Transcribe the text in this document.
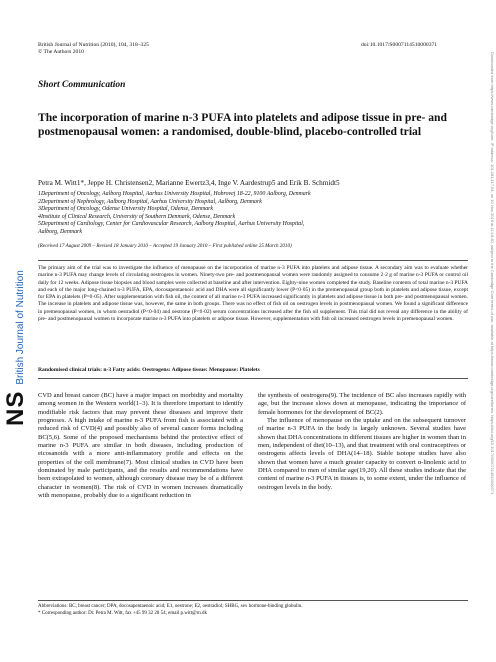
British Journal of Nutrition (2010), 104, 318–325
© The Authors 2010
doi:10.1017/S0007114510000371
NSBritish Journal of Nutrition	Downloaded from https://www.cambridge.org/core. IP address: 101.181.117.54, on 10 Nov 2019 at 11:16:40, subject to the Cambridge Core terms of use, available at https://www.cambridge.org/core/terms. https://doi.org/10.1017/S0007114510000371
Short Communication
The incorporation of marine n-3 PUFA into platelets and adipose tissue in pre- and postmenopausal women: a randomised, double-blind, placebo-controlled trial
Petra M. Witt1*, Jeppe H. Christensen2, Marianne Ewertz3,4, Inge V. Aardestrup5 and Erik B. Schmidt5
1Department of Oncology, Aalborg Hospital, Aarhus University Hospital, Hobrovej 18-22, 9100 Aalborg, Denmark
2Department of Nephrology, Aalborg Hospital, Aarhus University Hospital, Aalborg, Denmark
3Department of Oncology, Odense University Hospital, Odense, Denmark
4Institute of Clinical Research, University of Southern Denmark, Odense, Denmark
5Department of Cardiology, Center for Cardiovascular Research, Aalborg Hospital, Aarhus University Hospital,
Aalborg, Denmark
(Received 17 August 2009 – Revised 18 January 2010 – Accepted 19 January 2010 – First published online 25 March 2010)
The primary aim of the trial was to investigate the influence of menopause on the incorporation of marine n-3 PUFA into platelets and adipose tissue. A secondary aim was to evaluate whether marine n-3 PUFA may change levels of circulating oestrogens in women. Ninety-two pre- and postmenopausal women were randomly assigned to consume 2·2 g of marine n-3 PUFA or control oil daily for 12 weeks. Adipose tissue biopsies and blood samples were collected at baseline and after intervention. Eighty-nine women completed the study. Baseline contents of total marine n-3 PUFA and each of the major long-chained n-3 PUFA, EPA, docosapentaenoic acid and DHA were all significantly lower (P<0·05) in the premenopausal group both in platelets and adipose tissue, except for EPA in platelets (P=0·05). After supplementation with fish oil, the content of all marine n-3 PUFA increased significantly in platelets and adipose tissue in both pre- and postmenopausal women. The increase in platelets and adipose tissue was, however, the same in both groups. There was no effect of fish oil on oestrogen levels in postmenopausal women. We found a significant difference in premenopausal women, in whom oestradiol (P<0·04) and oestrone (P<0·02) serum concentrations increased after the fish oil supplement. This trial did not reveal any difference in the ability of pre- and postmenopausal women to incorporate marine n-3 PUFA into platelets or adipose tissue. However, supplementation with fish oil increased oestrogen levels in premenopausal women.
Randomised clinical trials: n-3 Fatty acids: Oestrogens: Adipose tissue: Menopause: Platelets

CVD and breast cancer (BC) have a major impact on morbidity and mortality among women in the Western world(1–3). It is therefore important to identify modifiable risk factors that may prevent these diseases and improve their prognoses. A high intake of marine n-3 PUFA from fish is associated with a reduced risk of CVD(4) and possibly also of several cancer forms including BC(5,6). Some of the proposed mechanisms behind the protective effect of marine n-3 PUFA are similar in both diseases, including production of eicosanoids with a more anti-inflammatory profile and effects on the properties of the cell membrane(7). Most clinical studies in CVD have been dominated by male participants, and the results and recommendations have been extrapolated to women, although coronary disease may be of a different character in women(8). The risk of CVD in women increases dramatically with menopause, probably due to a significant reduction in

the synthesis of oestrogens(9). The incidence of BC also increases rapidly with age, but the increase slows down at menopause, indicating the importance of female hormones for the development of BC(2).

The influence of menopause on the uptake and on the subsequent turnover of marine n-3 PUFA in the body is largely unknown. Several studies have shown that DHA concentrations in different tissues are higher in women than in men, independent of diet(10–13), and that treatment with oral contraceptives or oestrogens affects levels of DHA(14–18). Stable isotope studies have also shown that women have a much greater capacity to convert α-linolenic acid to DHA compared to men of similar age(19,20). All these studies indicate that the content of marine n-3 PUFA in tissues is, to some extent, under the influence of oestrogen levels in the body.

Abbreviations: BC, breast cancer; DPA, docosapentaenoic acid; E1, oestrone; E2, oestradiol; SHBG, sex hormone-binding globulin.
* Corresponding author: Dr. Petra M. Witt, fax +45 99 32 28 54, email p.witt@rn.dk
